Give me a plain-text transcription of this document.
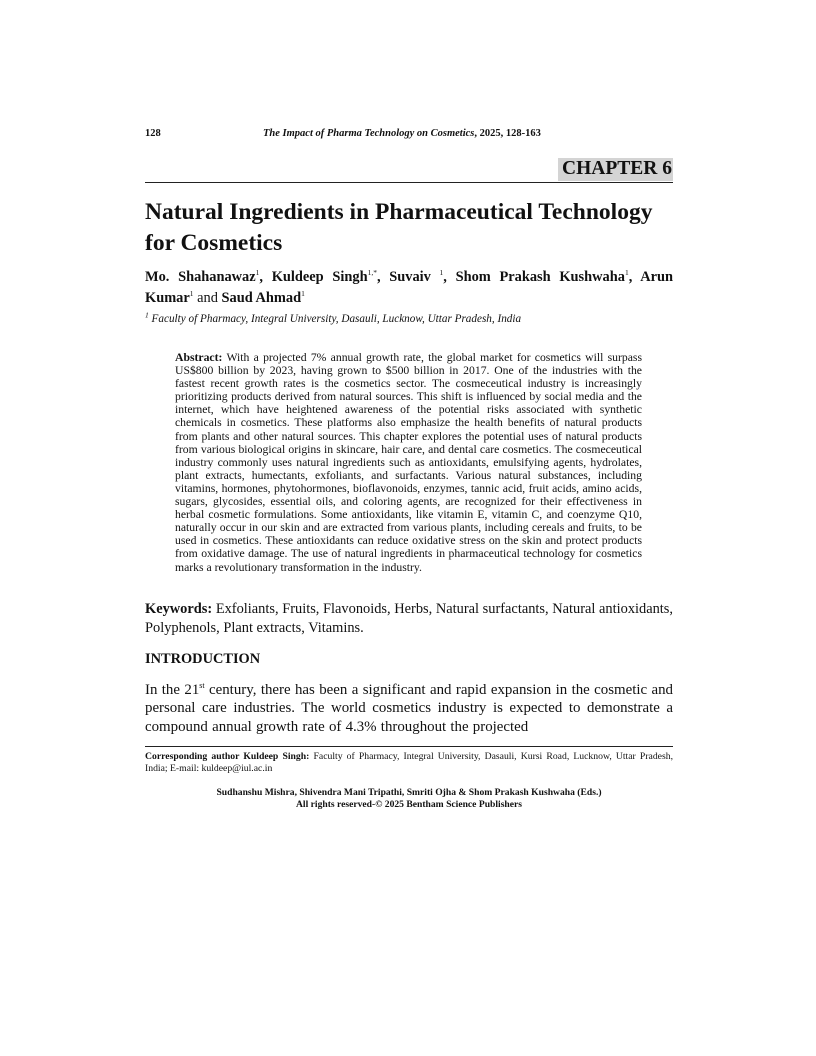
128	The Impact of Pharma Technology on Cosmetics, 2025, 128-163
CHAPTER 6
Natural Ingredients in Pharmaceutical Technology for Cosmetics
Mo. Shahanawaz$^1$, Kuldeep Singh$^{1,*}$, Suvaiv $^1$, Shom Prakash Kushwaha$^1$, Arun Kumar$^1$ and Saud Ahmad$^1$
$^1$ Faculty of Pharmacy, Integral University, Dasauli, Lucknow, Uttar Pradesh, India
Abstract: With a projected 7% annual growth rate, the global market for cosmetics will surpass US$800 billion by 2023, having grown to $500 billion in 2017. One of the industries with the fastest recent growth rates is the cosmetics sector. The cosmeceutical industry is increasingly prioritizing products derived from natural sources. This shift is influenced by social media and the internet, which have heightened awareness of the potential risks associated with synthetic chemicals in cosmetics. These platforms also emphasize the health benefits of natural products from plants and other natural sources. This chapter explores the potential uses of natural products from various biological origins in skincare, hair care, and dental care cosmetics. The cosmeceutical industry commonly uses natural ingredients such as antioxidants, emulsifying agents, hydrolates, plant extracts, humectants, exfoliants, and surfactants. Various natural substances, including vitamins, hormones, phytohormones, bioflavonoids, enzymes, tannic acid, fruit acids, amino acids, sugars, glycosides, essential oils, and coloring agents, are recognized for their effectiveness in herbal cosmetic formulations. Some antioxidants, like vitamin E, vitamin C, and coenzyme Q10, naturally occur in our skin and are extracted from various plants, including cereals and fruits, to be used in cosmetics. These antioxidants can reduce oxidative stress on the skin and protect products from oxidative damage. The use of natural ingredients in pharmaceutical technology for cosmetics marks a revolutionary transformation in the industry.
Keywords: Exfoliants, Fruits, Flavonoids, Herbs, Natural surfactants, Natural antioxidants, Polyphenols, Plant extracts, Vitamins.
INTRODUCTION
In the 21st century, there has been a significant and rapid expansion in the cosmetic and personal care industries. The world cosmetics industry is expected to demonstrate a compound annual growth rate of 4.3% throughout the projected
Corresponding author Kuldeep Singh: Faculty of Pharmacy, Integral University, Dasauli, Kursi Road, Lucknow, Uttar Pradesh, India; E-mail: kuldeep@iul.ac.in
Sudhanshu Mishra, Shivendra Mani Tripathi, Smriti Ojha & Shom Prakash Kushwaha (Eds.)
All rights reserved-© 2025 Bentham Science Publishers
